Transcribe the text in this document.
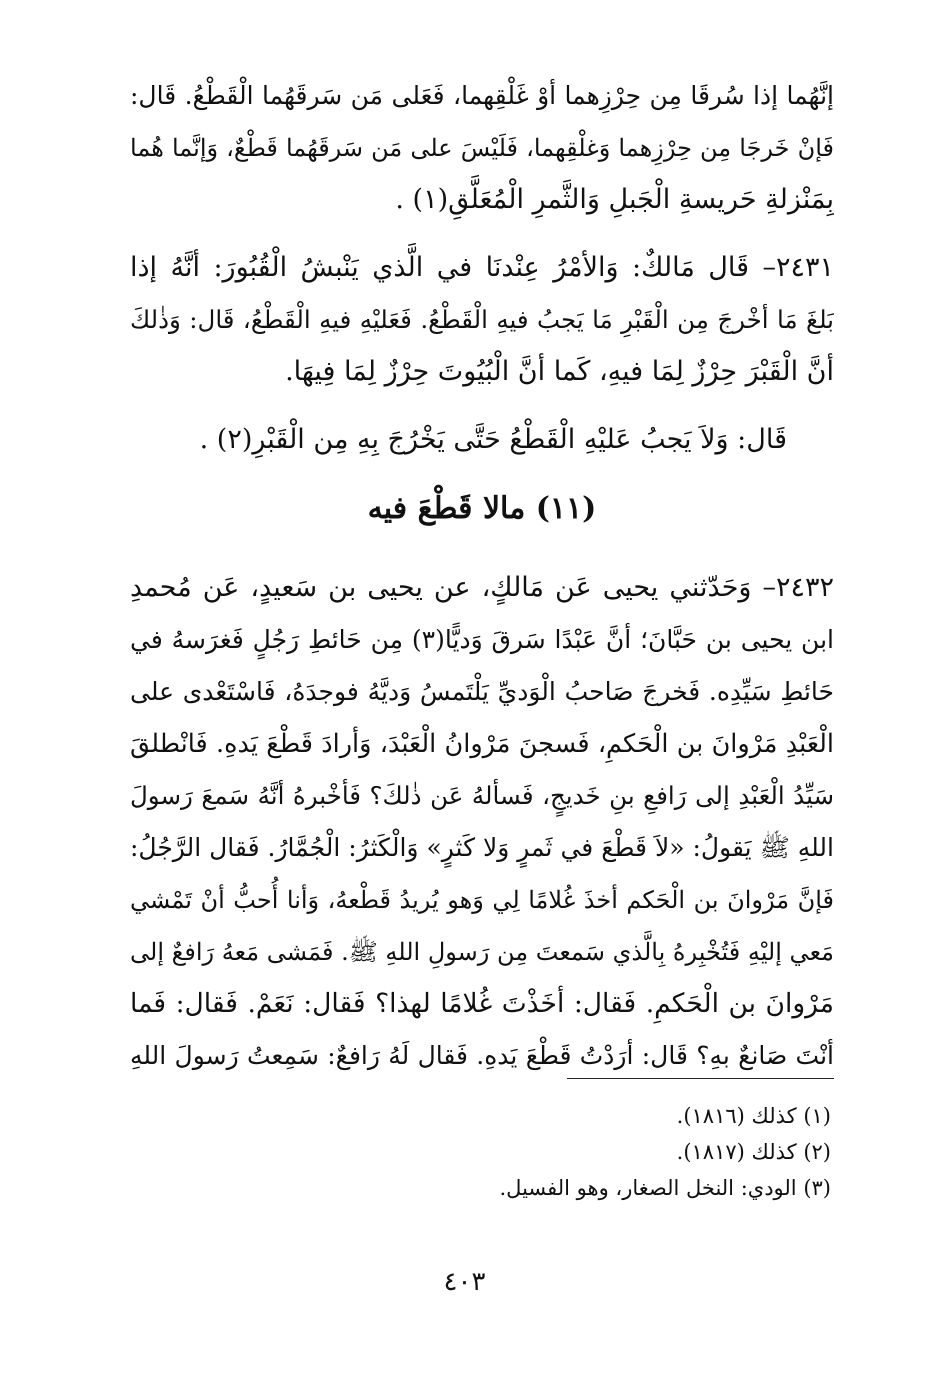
إنَّهُما إذا سُرقَا مِن حِرْزِهما أوْ غَلْقِهما، فَعَلى مَن سَرقَهُما الْقَطْعُ. قَال:
فَإنْ خَرجَا مِن حِرْزِهما وَغلْقِهما، فَلَيْسَ على مَن سَرقَهُما قَطْعٌ، وَإنَّما هُما
بِمَنْزلةِ حَريسةِ الْجَبلِ وَالثَّمرِ الْمُعَلَّقِ(١) .
٢٤٣١– قَال مَالكٌ: وَالأمْرُ عِنْدنَا في الَّذي يَنْبشُ الْقُبُورَ: أنَّهُ إذا
بَلغَ مَا أخْرجَ مِن الْقَبْرِ مَا يَجبُ فيهِ الْقَطْعُ. فَعَليْهِ فيهِ الْقَطْعُ، قَال: وَذٰلكَ
أنَّ الْقَبْرَ حِرْزٌ لِمَا فيهِ، كَما أنَّ الْبُيُوتَ حِرْزٌ لِمَا فِيهَا.
قَال: وَلاَ يَجبُ عَليْهِ الْقَطْعُ حَتَّى يَخْرُجَ بِهِ مِن الْقَبْرِ(٢) .
(١١) مالا قَطْعَ فيه
٢٤٣٢– وَحَدّثني يحيى عَن مَالكٍ، عن يحيى بن سَعيدٍ، عَن مُحمدِ
ابن يحيى بن حَبَّانَ؛ أنَّ عَبْدًا سَرقَ وَديًّا(٣) مِن حَائطِ رَجُلٍ فَغرَسهُ في
حَائطِ سَيِّدِه. فَخرجَ صَاحبُ الْوَديِّ يَلْتَمسُ وَديَّهُ فوجدَهُ، فَاسْتَعْدى على
الْعَبْدِ مَرْوانَ بن الْحَكمِ، فَسجنَ مَرْوانُ الْعَبْدَ، وَأرادَ قَطْعَ يَدهِ. فَانْطلقَ
سَيِّدُ الْعَبْدِ إلى رَافعِ بنِ خَديجٍ، فَسألهُ عَن ذٰلكَ؟ فَأخْبرهُ أنَّهُ سَمعَ رَسولَ
اللهِ ﷺ يَقولُ: «لاَ قَطْعَ في ثَمرٍ وَلا كَثرٍ» وَالْكَثرُ: الْجُمَّارُ. فَقال الرَّجُلُ:
فَإنَّ مَرْوانَ بن الْحَكم أخذَ غُلامًا لِي وَهو يُريدُ قَطْعهُ، وَأنا أُحبُّ أنْ تَمْشي
مَعي إليْهِ فَتُخْبِرهُ بِالَّذي سَمعتَ مِن رَسولِ اللهِ ﷺ. فَمَشى مَعهُ رَافعٌ إلى
مَرْوانَ بن الْحَكمِ. فَقال: أخَذْتَ غُلامًا لهذا؟ فَقال: نَعَمْ. فَقال: فَما
أنْتَ صَانعٌ بهِ؟ قَال: أرَدْتُ قَطْعَ يَدهِ. فَقال لَهُ رَافعٌ: سَمِعتُ رَسولَ اللهِ
(١) كذلك (١٨١٦).
(٢) كذلك (١٨١٧).
(٣) الودي: النخل الصغار، وهو الفسيل.
٤٠٣
